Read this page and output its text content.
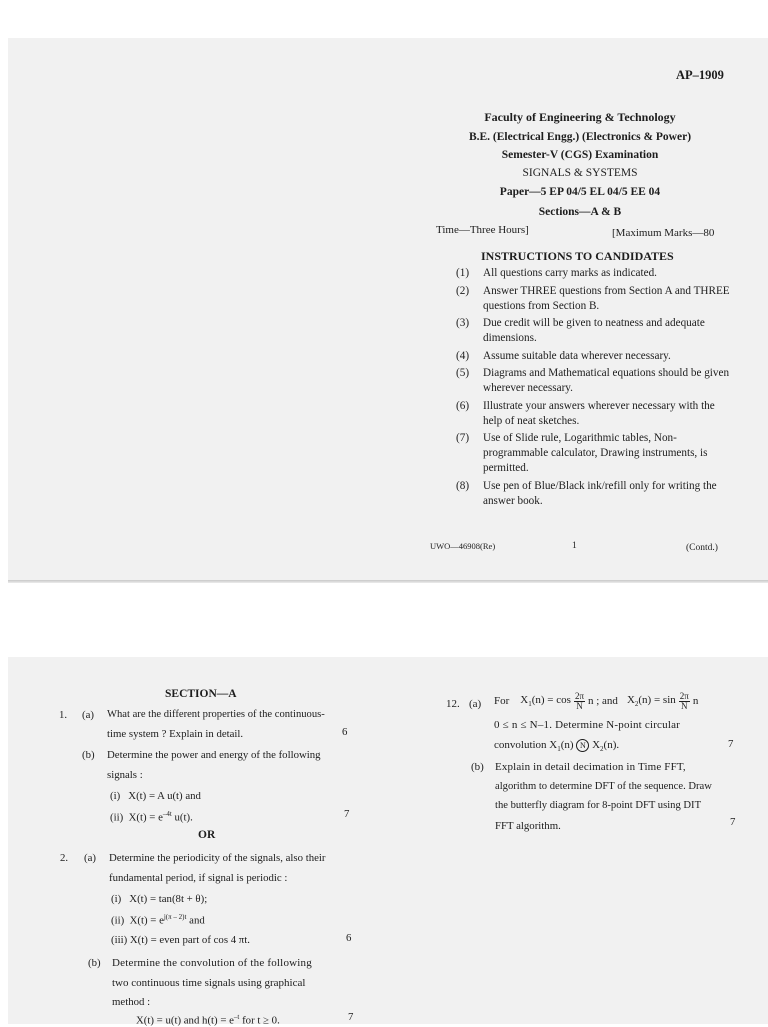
AP–1909
Faculty of Engineering & Technology
B.E. (Electrical Engg.) (Electronics & Power)
Semester-V (CGS) Examination
SIGNALS & SYSTEMS
Paper—5 EP 04/5 EL 04/5 EE 04
Sections—A & B
Time—Three Hours]	[Maximum Marks—80
INSTRUCTIONS TO CANDIDATES
(1)	All questions carry marks as indicated.
(2)	Answer THREE questions from Section A and THREE questions from Section B.
(3)	Due credit will be given to neatness and adequate dimensions.
(4)	Assume suitable data wherever necessary.
(5)	Diagrams and Mathematical equations should be given wherever necessary.
(6)	Illustrate your answers wherever necessary with the help of neat sketches.
(7)	Use of Slide rule, Logarithmic tables, Non-programmable calculator, Drawing instruments, is permitted.
(8)	Use pen of Blue/Black ink/refill only for writing the answer book.
UWO—46908(Re)	1	(Contd.)
SECTION—A
1. (a) What are the different properties of the continuous-
time system ? Explain in detail.	6
(b) Determine the power and energy of the following
signals :
(i)   X(t) = A u(t) and
(ii)  $X(t) = e^{-4t}$ u(t).	7
OR
2. (a) Determine the periodicity of the signals, also their
fundamental period, if signal is periodic :
(i)   X(t) = tan(8t + θ);
(ii)  $X(t) = e^{j(\pi - 2)t}$ and
(iii) X(t) = even part of cos 4 πt.	6
(b) Determine the convolution of the following
two continuous time signals using graphical
method :
X(t) = u(t) and $h(t) = e^{-t}$ for t ≥ 0.	7
12. (a) For $X_1(n) = \cos \frac{2\pi}{N}$ n ; and $X_2(n) = \sin \frac{2\pi}{N}$ n
0 ≤ n ≤ N–1. Determine N-point circular
convolution $X_1(n)$ N $X_2(n)$.	7
(b) Explain in detail decimation in Time FFT,
algorithm to determine DFT of the sequence. Draw
the butterfly diagram for 8-point DFT using DIT
FFT algorithm.	7
